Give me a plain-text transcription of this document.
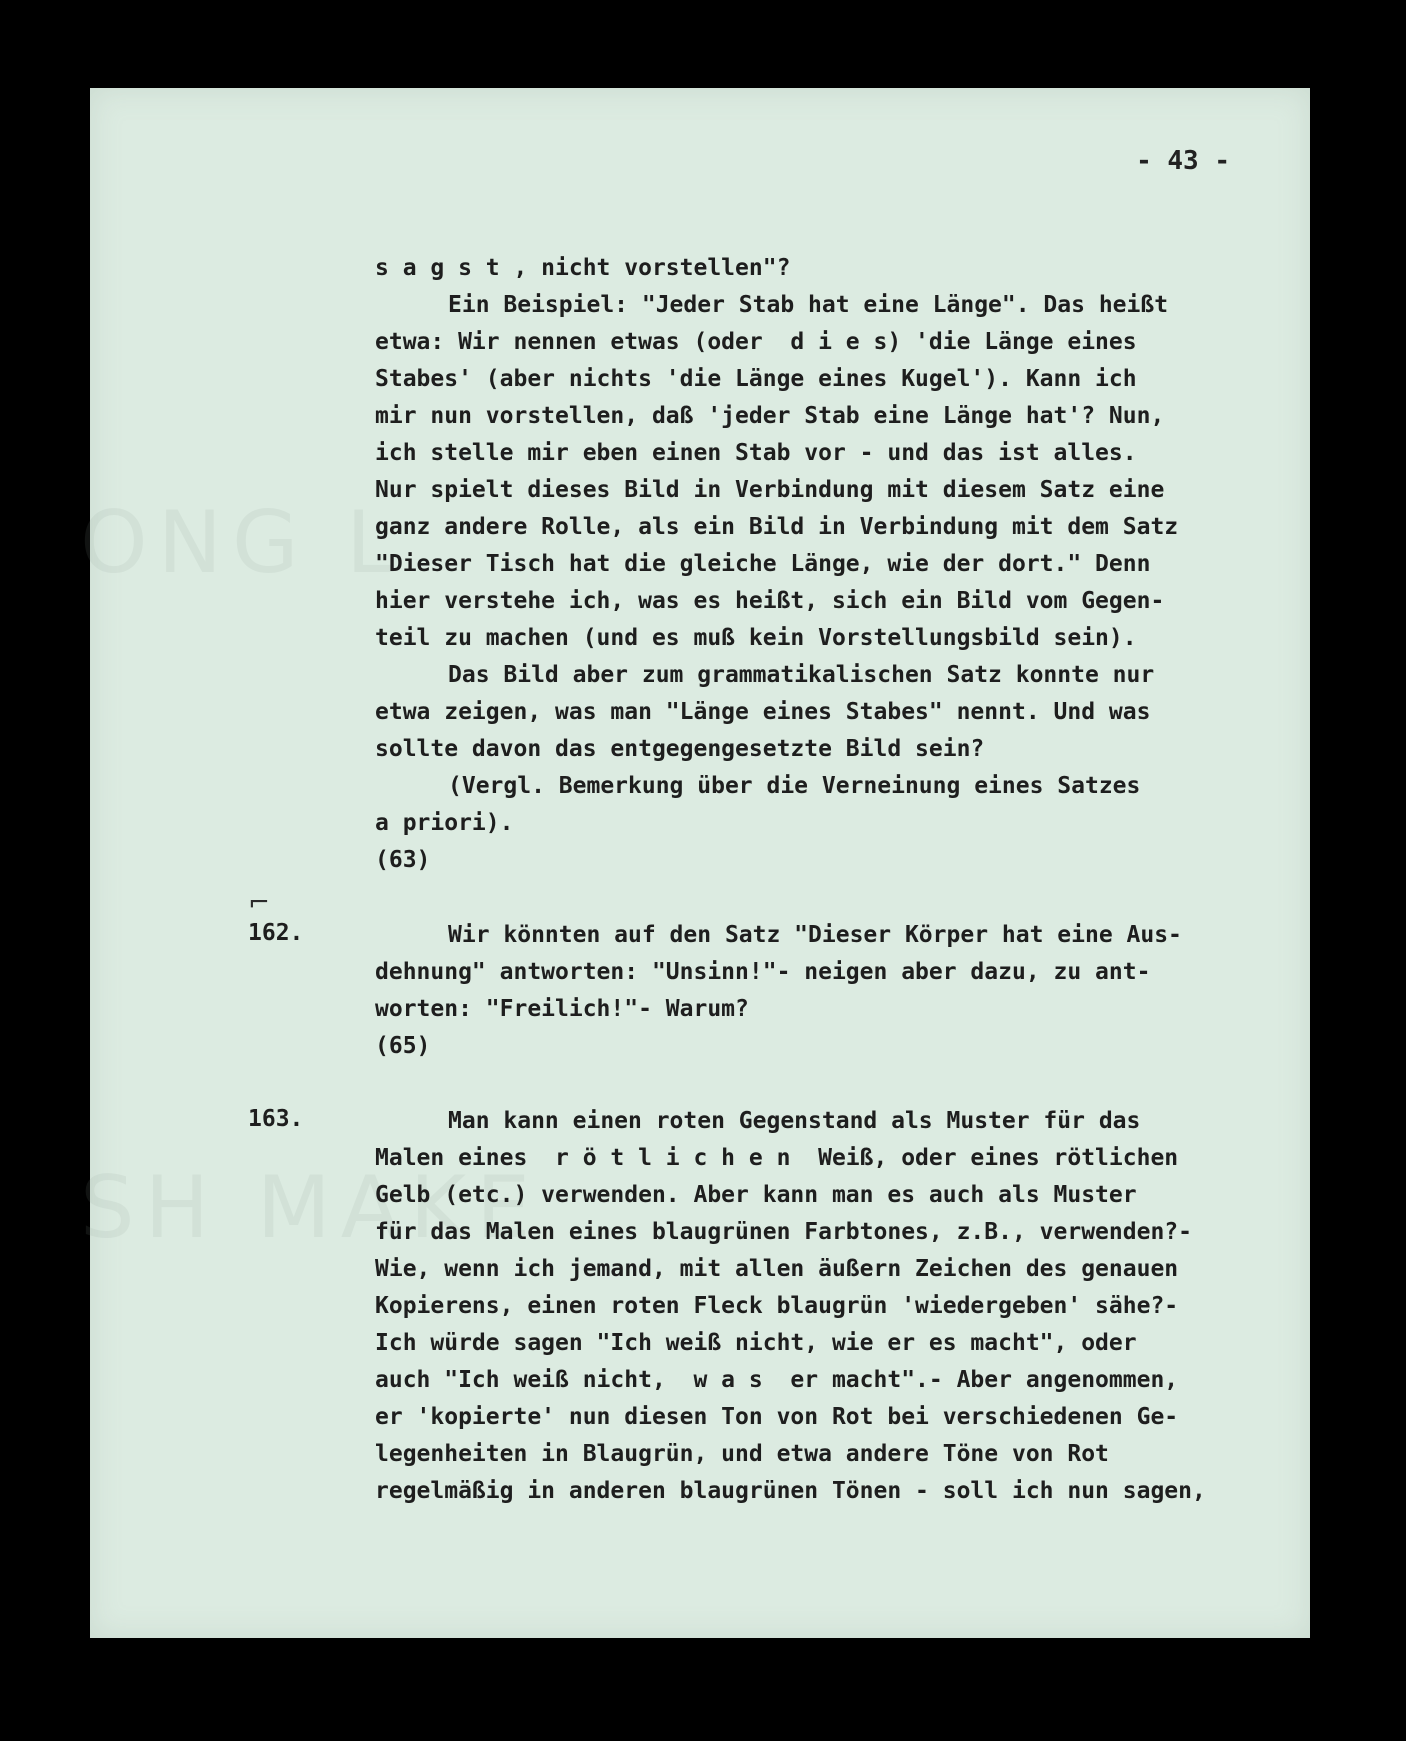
ONG L
SH MAKE
- 43 -
s a g s t , nicht vorstellen"?
Ein Beispiel: "Jeder Stab hat eine Länge". Das heißt
etwa: Wir nennen etwas (oder  d i e s) 'die Länge eines
Stabes' (aber nichts 'die Länge eines Kugel'). Kann ich
mir nun vorstellen, daß 'jeder Stab eine Länge hat'? Nun,
ich stelle mir eben einen Stab vor - und das ist alles.
Nur spielt dieses Bild in Verbindung mit diesem Satz eine
ganz andere Rolle, als ein Bild in Verbindung mit dem Satz
"Dieser Tisch hat die gleiche Länge, wie der dort." Denn
hier verstehe ich, was es heißt, sich ein Bild vom Gegen-
teil zu machen (und es muß kein Vorstellungsbild sein).
Das Bild aber zum grammatikalischen Satz konnte nur
etwa zeigen, was man "Länge eines Stabes" nennt. Und was
sollte davon das entgegengesetzte Bild sein?
(Vergl. Bemerkung über die Verneinung eines Satzes
a priori).
(63)
⌐
162.	Wir könnten auf den Satz "Dieser Körper hat eine Aus-
dehnung" antworten: "Unsinn!"- neigen aber dazu, zu ant-
worten: "Freilich!"- Warum?
(65)
163.	Man kann einen roten Gegenstand als Muster für das
Malen eines  r ö t l i c h e n  Weiß, oder eines rötlichen
Gelb (etc.) verwenden. Aber kann man es auch als Muster
für das Malen eines blaugrünen Farbtones, z.B., verwenden?-
Wie, wenn ich jemand, mit allen äußern Zeichen des genauen
Kopierens, einen roten Fleck blaugrün 'wiedergeben' sähe?-
Ich würde sagen "Ich weiß nicht, wie er es macht", oder
auch "Ich weiß nicht,  w a s  er macht".- Aber angenommen,
er 'kopierte' nun diesen Ton von Rot bei verschiedenen Ge-
legenheiten in Blaugrün, und etwa andere Töne von Rot
regelmäßig in anderen blaugrünen Tönen - soll ich nun sagen,
